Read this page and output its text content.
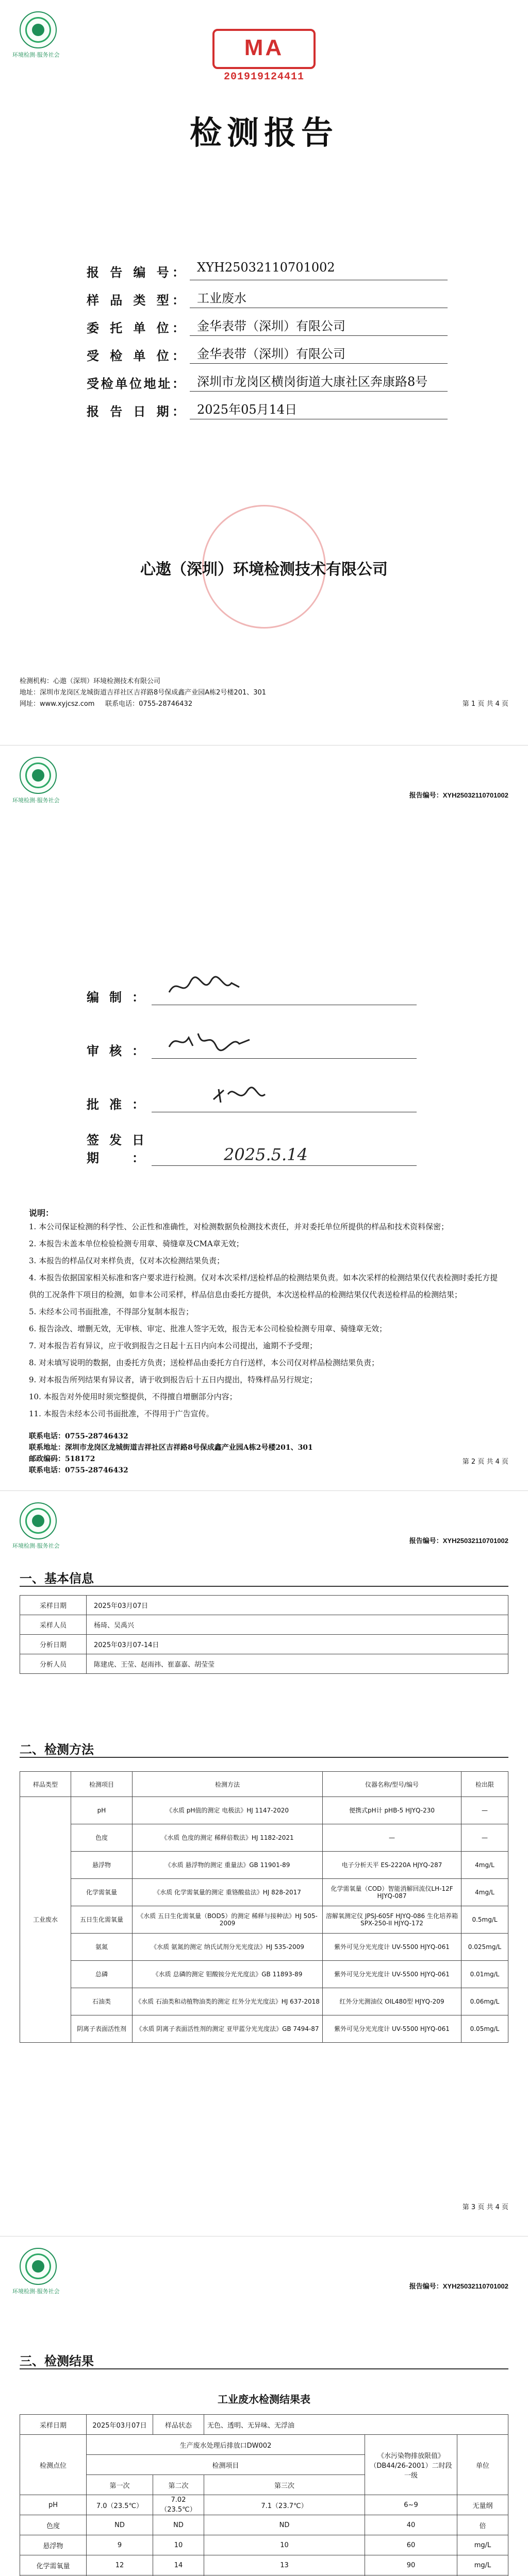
环境检测·服务社会	MA
201919124411
检测报告
报 告 编 号：	XYH25032110701002
样 品 类 型：	工业废水
委 托 单 位：	金华表带（深圳）有限公司
受 检 单 位：	金华表带（深圳）有限公司
受检单位地址：	深圳市龙岗区横岗街道大康社区奔康路8号
报 告 日 期：	2025年05月14日
心遨（深圳）环境检测技术有限公司
检测机构：心遨（深圳）环境检测技术有限公司
地址：深圳市龙岗区龙城街道吉祥社区吉祥路8号保成鑫产业园A栋2号楼201、301
网址：www.xyjcsz.com 联系电话：0755-28746432	第 1 页 共 4 页
环境检测·服务社会
报告编号：XYH25032110701002
编制：
审核：
批准：
签发日期：	2025.5.14
说明：

1. 本公司保证检测的科学性、公正性和准确性，对检测数据负检测技术责任，并对委托单位所提供的样品和技术资料保密；

2. 本报告未盖本单位检验检测专用章、骑缝章及CMA章无效；

3. 本报告的样品仅对来样负责，仅对本次检测结果负责；

4. 本报告依据国家相关标准和客户要求进行检测。仅对本次采样/送检样品的检测结果负责。如本次采样的检测结果仅代表检测时委托方提供的工况条件下项目的检测，如非本公司采样，样品信息由委托方提供，本次送检样品的检测结果仅代表送检样品的检测结果；

5. 未经本公司书面批准，不得部分复制本报告；

6. 报告涂改、增删无效，无审核、审定、批准人签字无效，报告无本公司检验检测专用章、骑缝章无效；

7. 对本报告若有异议，应于收到报告之日起十五日内向本公司提出，逾期不予受理；

8. 对未填写说明的数据，由委托方负责；送检样品由委托方自行送样，本公司仅对样品检测结果负责；

9. 对本报告所列结果有异议者，请于收到报告后十五日内提出，特殊样品另行规定；

10. 本报告对外使用时须完整提供，不得擅自增删部分内容；

11. 本报告未经本公司书面批准，不得用于广告宣传。

联系电话：0755-28746432
联系地址：深圳市龙岗区龙城街道吉祥社区吉祥路8号保成鑫产业园A栋2号楼201、301
邮政编码：518172
联系电话：0755-28746432
第 2 页 共 4 页
环境检测·服务社会
报告编号：XYH25032110701002
一、基本信息
采样日期	2025年03月07日
采样人员	杨琦、吴禹兴
分析日期	2025年03月07-14日
分析人员	陈建虎、王莹、赵雨祎、崔嘉嘉、胡莹莹
二、检测方法
样品类型	检测项目	检测方法	仪器名称/型号/编号	检出限
工业废水	pH	《水质 pH值的测定 电极法》HJ 1147-2020	便携式pH计 pHB-5 HJYQ-230	—
	色度	《水质 色度的测定 稀释倍数法》HJ 1182-2021	—	—
	悬浮物	《水质 悬浮物的测定 重量法》GB 11901-89	电子分析天平 ES-2220A HJYQ-287	4mg/L
	化学需氧量	《水质 化学需氧量的测定 重铬酸盐法》HJ 828-2017	化学需氧量（COD）智能消解回流仪LH-12F HJYQ-087	4mg/L
	五日生化需氧量	《水质 五日生化需氧量（BOD5）的测定 稀释与接种法》HJ 505-2009	溶解氧测定仪 JPSJ-605F HJYQ-086 生化培养箱 SPX-250-II HJYQ-172	0.5mg/L
	氨氮	《水质 氨氮的测定 纳氏试剂分光光度法》HJ 535-2009	紫外可见分光光度计 UV-5500 HJYQ-061	0.025mg/L
	总磷	《水质 总磷的测定 钼酸铵分光光度法》GB 11893-89	紫外可见分光光度计 UV-5500 HJYQ-061	0.01mg/L
	石油类	《水质 石油类和动植物油类的测定 红外分光光度法》HJ 637-2018	红外分光测油仪 OIL480型 HJYQ-209	0.06mg/L
	阴离子表面活性剂	《水质 阴离子表面活性剂的测定 亚甲蓝分光光度法》GB 7494-87	紫外可见分光光度计 UV-5500 HJYQ-061	0.05mg/L
第 3 页 共 4 页
环境检测·服务社会
报告编号：XYH25032110701002
三、检测结果
工业废水检测结果表
采样日期	2025年03月07日	样品状态	无色、透明、无异味、无浮油		
检测点位	生产废水处理后排放口DW002			《水污染物排放限值》（DB44/26-2001）二时段一级	单位
	检测项目				
	第一次	第二次	第三次		
pH	7.0（23.5℃）	7.02（23.5℃）	7.1（23.7℃）	6~9	无量纲
色度	ND	ND	ND	40	倍
悬浮物	9	10	10	60	mg/L
化学需氧量	12	14	13	90	mg/L
